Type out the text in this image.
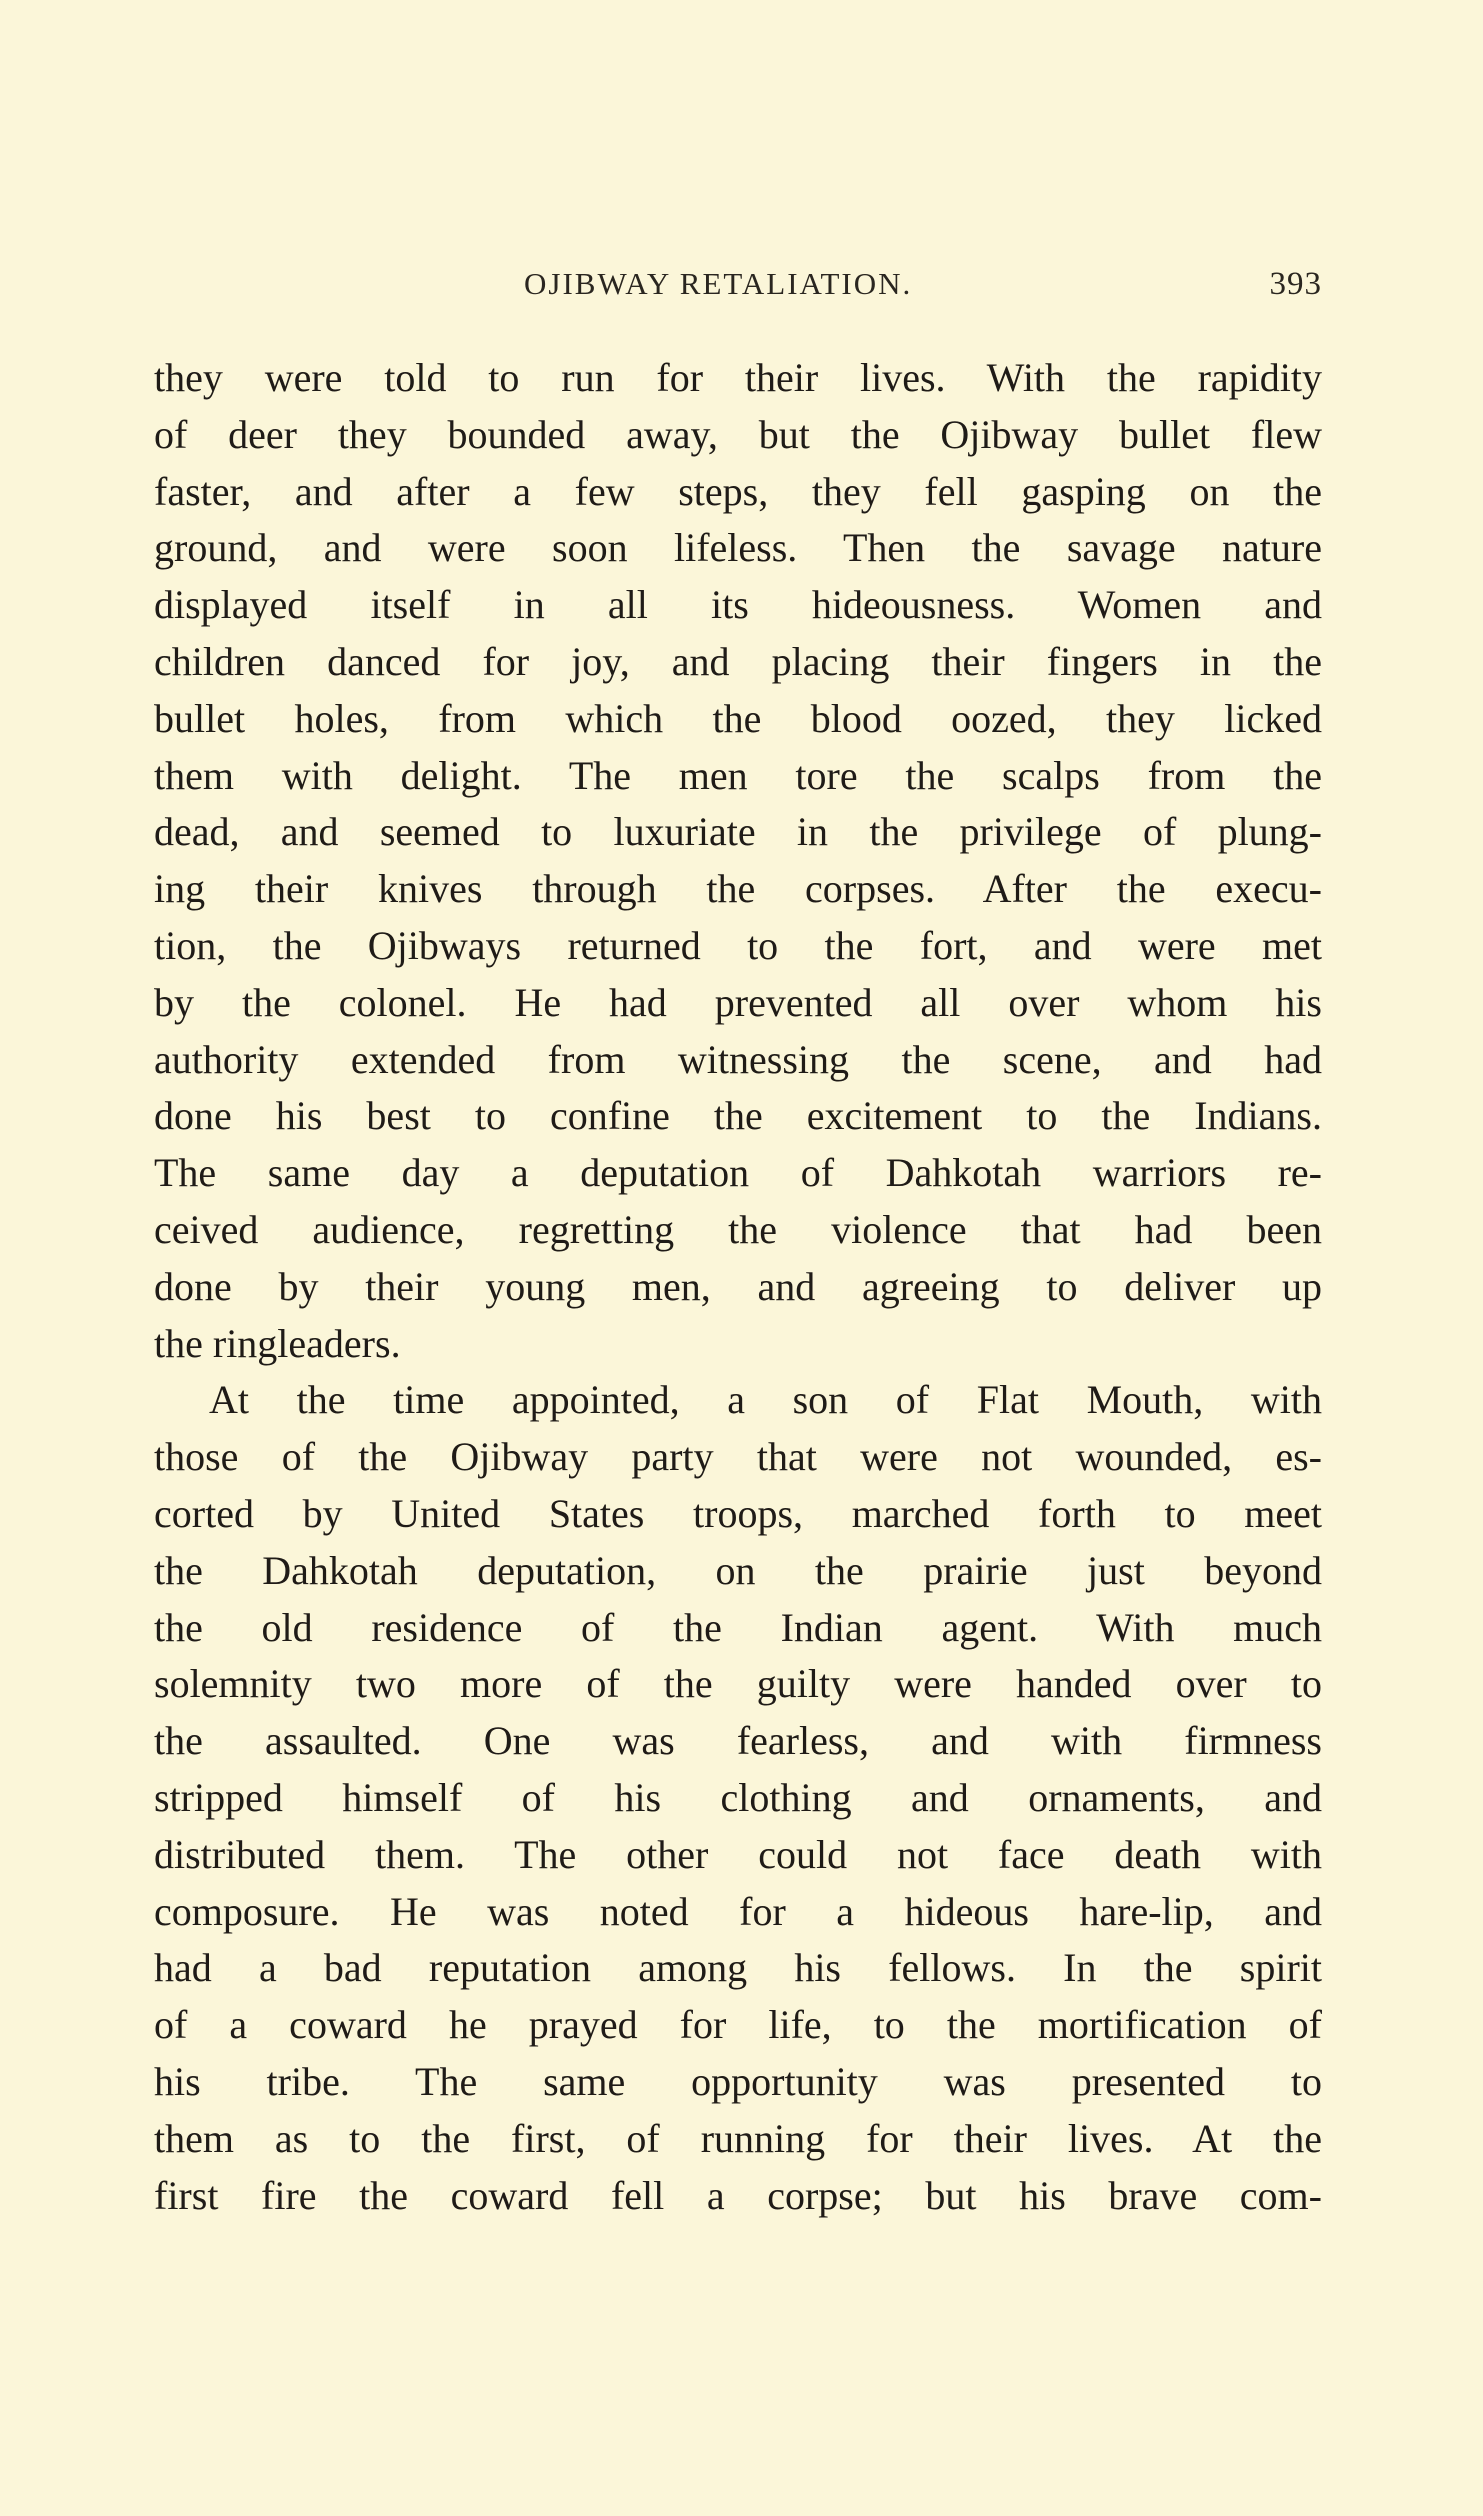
OJIBWAY RETALIATION.	393
they were told to run for their lives. With the rapidity
of deer they bounded away, but the Ojibway bullet flew
faster, and after a few steps, they fell gasping on the
ground, and were soon lifeless. Then the savage nature
displayed itself in all its hideousness. Women and
children danced for joy, and placing their fingers in the
bullet holes, from which the blood oozed, they licked
them with delight. The men tore the scalps from the
dead, and seemed to luxuriate in the privilege of plung-
ing their knives through the corpses. After the execu-
tion, the Ojibways returned to the fort, and were met
by the colonel. He had prevented all over whom his
authority extended from witnessing the scene, and had
done his best to confine the excitement to the Indians.
The same day a deputation of Dahkotah warriors re-
ceived audience, regretting the violence that had been
done by their young men, and agreeing to deliver up
the ringleaders.
At the time appointed, a son of Flat Mouth, with
those of the Ojibway party that were not wounded, es-
corted by United States troops, marched forth to meet
the Dahkotah deputation, on the prairie just beyond
the old residence of the Indian agent. With much
solemnity two more of the guilty were handed over to
the assaulted. One was fearless, and with firmness
stripped himself of his clothing and ornaments, and
distributed them. The other could not face death with
composure. He was noted for a hideous hare-lip, and
had a bad reputation among his fellows. In the spirit
of a coward he prayed for life, to the mortification of
his tribe. The same opportunity was presented to
them as to the first, of running for their lives. At the
first fire the coward fell a corpse; but his brave com-
